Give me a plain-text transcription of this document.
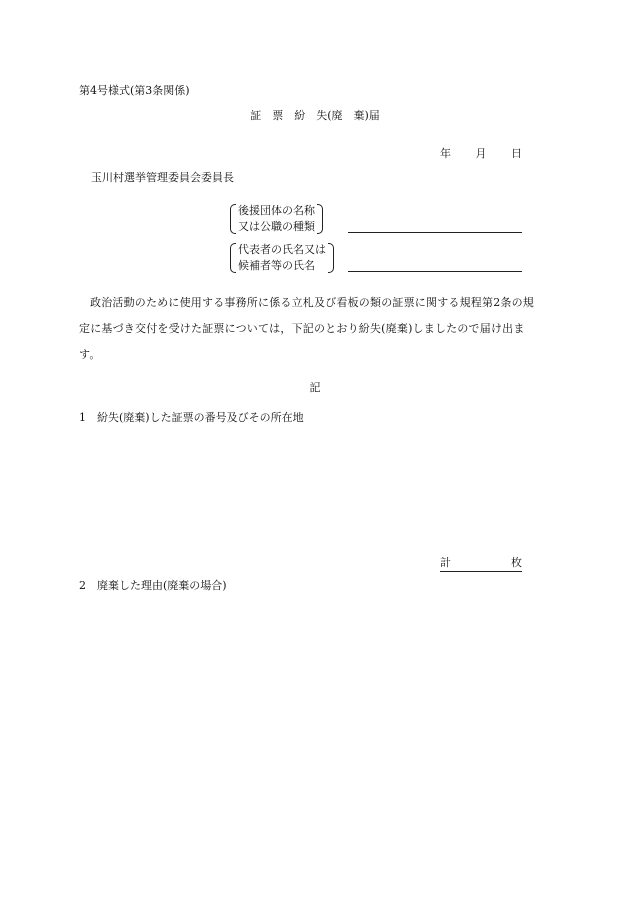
第4号様式(第3条関係)
証　票　紛　失(廃　棄)届
年 月 日
玉川村選挙管理委員会委員長
後援団体の名称
又は公職の種類
代表者の氏名又は
候補者等の氏名
政治活動のために使用する事務所に係る立札及び看板の類の証票に関する規程第2条の規定に基づき交付を受けた証票については，下記のとおり紛失(廃棄)しましたので届け出ます。
記
1　紛失(廃棄)した証票の番号及びその所在地
計	枚
2　廃棄した理由(廃棄の場合)
